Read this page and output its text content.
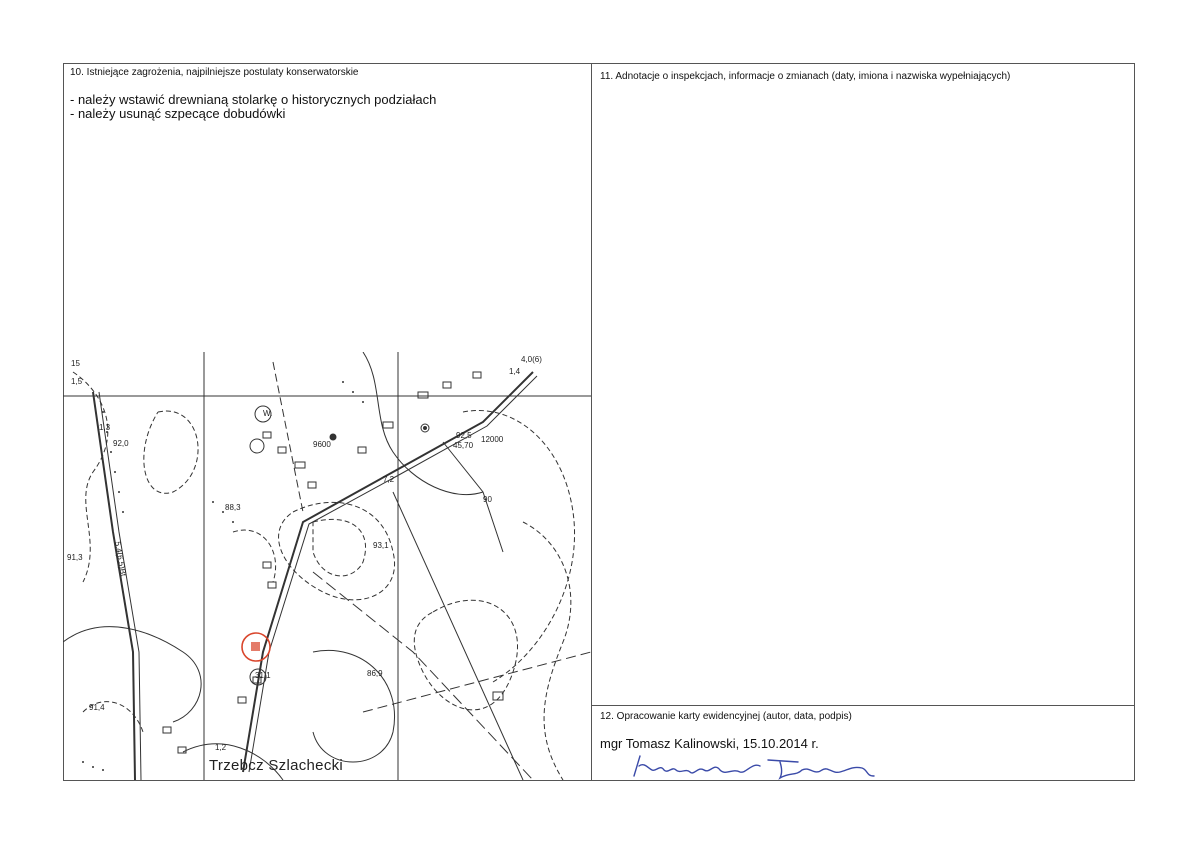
10. Istniejące zagrożenia, najpilniejsze postulaty konserwatorskie
- należy wstawić drewnianą stolarkę o historycznych podziałach
- należy usunąć szpecące dobudówki
11. Adnotacje o inspekcjach, informacje o zmianach (daty, imiona i nazwiska wypełniających)
12. Opracowanie karty ewidencyjnej (autor, data, podpis)
mgr Tomasz Kalinowski, 15.10.2014 r.
15
1,5
92,0
88,3
9600
92,5
45,70
12000
93,1
91,3
86,9
31,1
91,4
1,2
1,4
4,0(6)
1,3
5,4(6,5)Bt
7,2
90
W.
Trzebcz Szlachecki
